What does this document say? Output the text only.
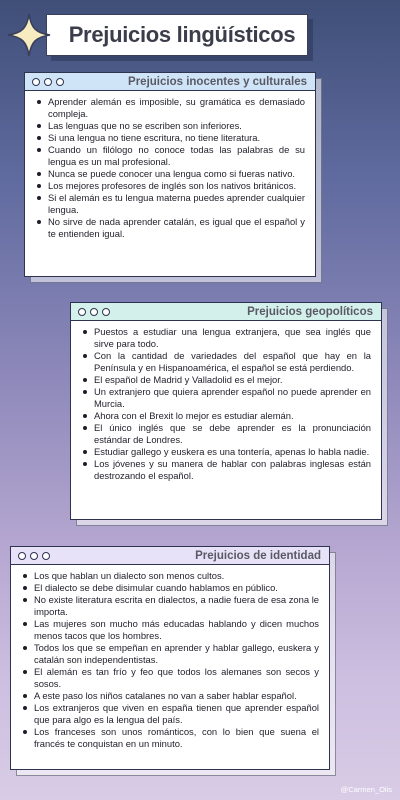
Prejuicios lingüísticos
Prejuicios inocentes y culturales
Aprender alemán es imposible, su gramática es demasiado compleja.
Las lenguas que no se escriben son inferiores.
Si una lengua no tiene escritura, no tiene literatura.
Cuando un filólogo no conoce todas las palabras de su lengua es un mal profesional.
Nunca se puede conocer una lengua como si fueras nativo.
Los mejores profesores de inglés son los nativos británicos.
Si el alemán es tu lengua materna puedes aprender cualquier lengua.
No sirve de nada aprender catalán, es igual que el español y te entienden igual.
Prejuicios geopolíticos
Puestos a estudiar una lengua extranjera, que sea inglés que sirve para todo.
Con la cantidad de variedades del español que hay en la Península y en Hispanoamérica, el español se está perdiendo.
El español de Madrid y Valladolid es el mejor.
Un extranjero que quiera aprender español no puede aprender en Murcia.
Ahora con el Brexit lo mejor es estudiar alemán.
El único inglés que se debe aprender es la pronunciación estándar de Londres.
Estudiar gallego y euskera es una tontería, apenas lo habla nadie.
Los jóvenes y su manera de hablar con palabras inglesas están destrozando el español.
Prejuicios de identidad
Los que hablan un dialecto son menos cultos.
El dialecto se debe disimular cuando hablamos en público.
No existe literatura escrita en dialectos, a nadie fuera de esa zona le importa.
Las mujeres son mucho más educadas hablando y dicen muchos menos tacos que los hombres.
Todos los que se empeñan en aprender y hablar gallego, euskera y catalán son independentistas.
El alemán es tan frío y feo que todos los alemanes son secos y sosos.
A este paso los niños catalanes no van a saber hablar español.
Los extranjeros que viven en españa tienen que aprender español que para algo es la lengua del país.
Los franceses son unos románticos, con lo bien que suena el francés te conquistan en un minuto.
@Carmen_Olis
